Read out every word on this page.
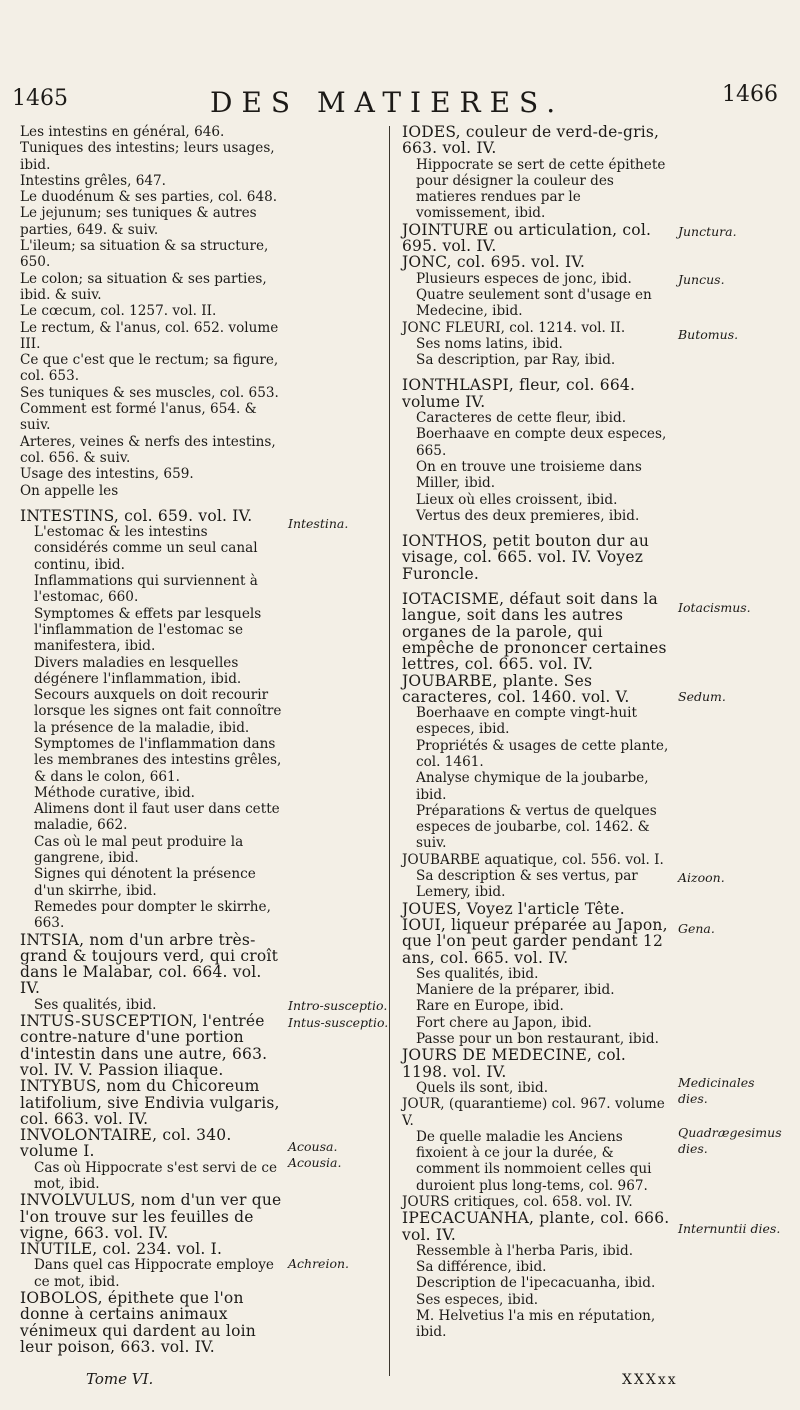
1465	DES MATIERES.	1466

Les intestins en général, 646.

Tuniques des intestins; leurs usages, ibid.

Intestins grêles, 647.

Le duodénum & ses parties, col. 648.

Le jejunum; ses tuniques & autres parties, 649. & suiv.

L'ileum; sa situation & sa structure, 650.

Le colon; sa situation & ses parties, ibid. & suiv.

Le cœcum, col. 1257. vol. II.

Le rectum, & l'anus, col. 652. volume III.

Ce que c'est que le rectum; sa figure, col. 653.

Ses tuniques & ses muscles, col. 653.

Comment est formé l'anus, 654. & suiv.

Arteres, veines & nerfs des intestins, col. 656. & suiv.

Usage des intestins, 659.

On appelle les

INTESTINS, col. 659. vol. IV.

L'estomac & les intestins considérés comme un seul canal continu, ibid.

Inflammations qui surviennent à l'estomac, 660.

Symptomes & effets par lesquels l'inflammation de l'estomac se manifestera, ibid.

Divers maladies en lesquelles dégénere l'inflammation, ibid.

Secours auxquels on doit recourir lorsque les signes ont fait connoître la présence de la maladie, ibid.

Symptomes de l'inflammation dans les membranes des intestins grêles, & dans le colon, 661.

Méthode curative, ibid.

Alimens dont il faut user dans cette maladie, 662.

Cas où le mal peut produire la gangrene, ibid.

Signes qui dénotent la présence d'un skirrhe, ibid.

Remedes pour dompter le skirrhe, 663.

INTSIA, nom d'un arbre très-grand & toujours verd, qui croît dans le Malabar, col. 664. vol. IV.

Ses qualités, ibid.

INTUS-SUSCEPTION, l'entrée contre-nature d'une portion d'intestin dans une autre, 663. vol. IV. V. Passion iliaque.

INTYBUS, nom du Chicoreum latifolium, sive Endivia vulgaris, col. 663. vol. IV.

INVOLONTAIRE, col. 340. volume I.

Cas où Hippocrate s'est servi de ce mot, ibid.

INVOLVULUS, nom d'un ver que l'on trouve sur les feuilles de vigne, 663. vol. IV.

INUTILE, col. 234. vol. I.

Dans quel cas Hippocrate employe ce mot, ibid.

IOBOLOS, épithete que l'on donne à certains animaux vénimeux qui dardent au loin leur poison, 663. vol. IV.

Intestina.
Intro-susceptio.
Intus-susceptio.
Acousa.
Acousia.
Achreion.

IODES, couleur de verd-de-gris, 663. vol. IV.

Hippocrate se sert de cette épithete pour désigner la couleur des matieres rendues par le vomissement, ibid.

JOINTURE ou articulation, col. 695. vol. IV.

JONC, col. 695. vol. IV.

Plusieurs especes de jonc, ibid.

Quatre seulement sont d'usage en Medecine, ibid.

JONC FLEURI, col. 1214. vol. II.

Ses noms latins, ibid.

Sa description, par Ray, ibid.

IONTHLASPI, fleur, col. 664. volume IV.

Caracteres de cette fleur, ibid.

Boerhaave en compte deux especes, 665.

On en trouve une troisieme dans Miller, ibid.

Lieux où elles croissent, ibid.

Vertus des deux premieres, ibid.

IONTHOS, petit bouton dur au visage, col. 665. vol. IV. Voyez Furoncle.

IOTACISME, défaut soit dans la langue, soit dans les autres organes de la parole, qui empêche de prononcer certaines lettres, col. 665. vol. IV.

JOUBARBE, plante. Ses caracteres, col. 1460. vol. V.

Boerhaave en compte vingt-huit especes, ibid.

Propriétés & usages de cette plante, col. 1461.

Analyse chymique de la joubarbe, ibid.

Préparations & vertus de quelques especes de joubarbe, col. 1462. & suiv.

JOUBARBE aquatique, col. 556. vol. I.

Sa description & ses vertus, par Lemery, ibid.

JOUES, Voyez l'article Tête.

IOUI, liqueur préparée au Japon, que l'on peut garder pendant 12 ans, col. 665. vol. IV.

Ses qualités, ibid.

Maniere de la préparer, ibid.

Rare en Europe, ibid.

Fort chere au Japon, ibid.

Passe pour un bon restaurant, ibid.

JOURS DE MEDECINE, col. 1198. vol. IV.

Quels ils sont, ibid.

JOUR, (quarantieme) col. 967. volume V.

De quelle maladie les Anciens fixoient à ce jour la durée, & comment ils nommoient celles qui duroient plus long-tems, col. 967.

JOURS critiques, col. 658. vol. IV.

IPECACUANHA, plante, col. 666. vol. IV.

Ressemble à l'herba Paris, ibid.

Sa différence, ibid.

Description de l'ipecacuanha, ibid.

Ses especes, ibid.

M. Helvetius l'a mis en réputation, ibid.

Junctura.
Juncus.
Butomus.
Iotacismus.
Sedum.
Aizoon.
Gena.
Medicinales dies.
Quadrægesimus dies.
Internuntii dies.
Tome VI.	XXXxx
